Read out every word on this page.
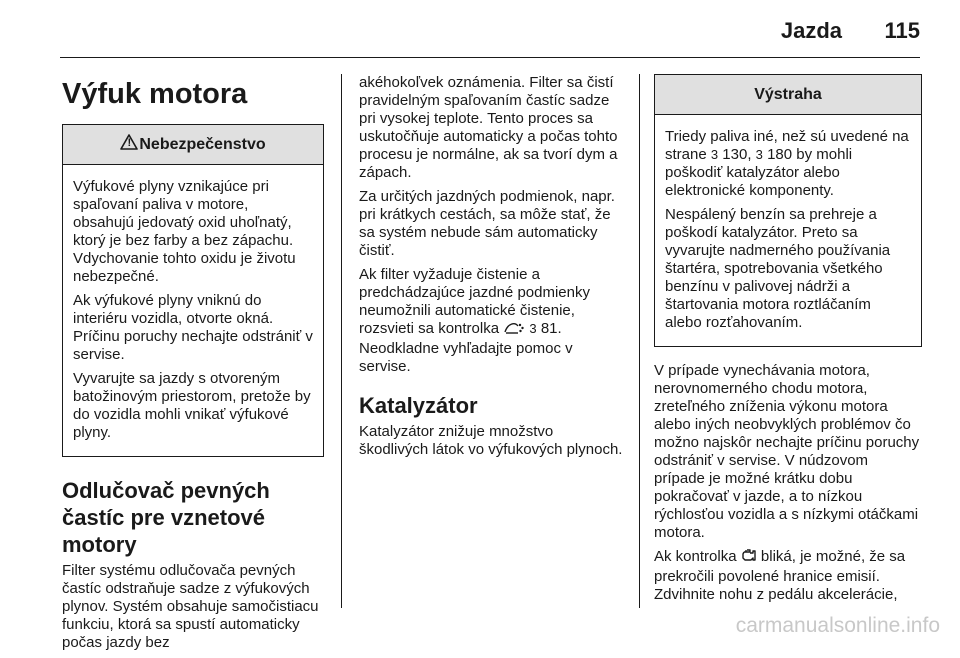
Jazda 115
Výfuk motora
! Nebezpečenstvo

Výfukové plyny vznikajúce pri spaľovaní paliva v motore, obsahujú jedovatý oxid uhoľnatý, ktorý je bez farby a bez zápachu. Vdychovanie tohto oxidu je životu nebezpečné.

Ak výfukové plyny vniknú do interiéru vozidla, otvorte okná. Príčinu poruchy nechajte odstrániť v servise.

Vyvarujte sa jazdy s otvoreným batožinovým priestorom, pretože by do vozidla mohli vnikať výfukové plyny.

Odlučovač pevných častíc pre vznetové motory

Filter systému odlučovača pevných častíc odstraňuje sadze z výfukových plynov. Systém obsahuje samočistiacu funkciu, ktorá sa spustí automaticky počas jazdy bez

akéhokoľvek oznámenia. Filter sa čistí pravidelným spaľovaním častíc sadze pri vysokej teplote. Tento proces sa uskutočňuje automaticky a počas tohto procesu je normálne, ak sa tvorí dym a zápach.

Za určitých jazdných podmienok, napr. pri krátkych cestách, sa môže stať, že sa systém nebude sám automaticky čistiť.

Ak filter vyžaduje čistenie a predchádzajúce jazdné podmienky neumožnili automatické čistenie, rozsvieti sa kontrolka 3 81. Neodkladne vyhľadajte pomoc v servise.

Katalyzátor

Katalyzátor znižuje množstvo škodlivých látok vo výfukových plynoch.

Výstraha

Triedy paliva iné, než sú uvedené na strane 3 130, 3 180 by mohli poškodiť katalyzátor alebo elektronické komponenty.

Nespálený benzín sa prehreje a poškodí katalyzátor. Preto sa vyvarujte nadmerného používania štartéra, spotrebovania všetkého benzínu v palivovej nádrži a štartovania motora roztláčaním alebo rozťahovaním.

V prípade vynechávania motora, nerovnomerného chodu motora, zreteľného zníženia výkonu motora alebo iných neobvyklých problémov čo možno najskôr nechajte príčinu poruchy odstrániť v servise. V núdzovom prípade je možné krátku dobu pokračovať v jazde, a to nízkou rýchlosťou vozidla a s nízkymi otáčkami motora.

Ak kontrolka bliká, je možné, že sa prekročili povolené hranice emisií. Zdvihnite nohu z pedálu akcelerácie,

carmanualsonline.info
